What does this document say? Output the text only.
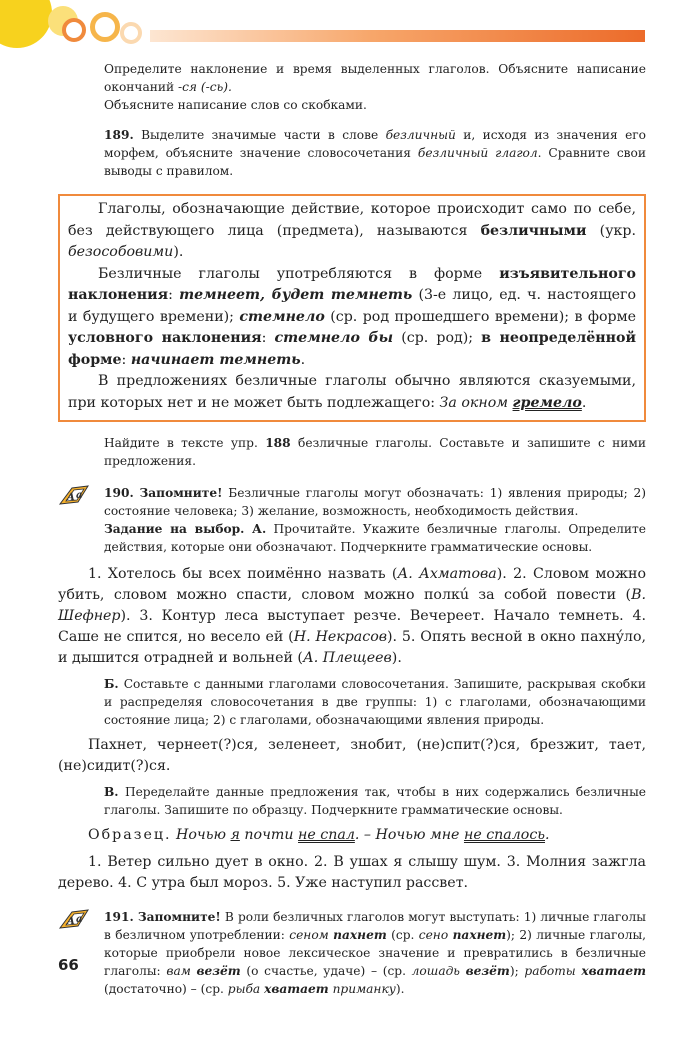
Определите наклонение и время выделенных глаголов. Объясните написание окончаний -ся (-сь).

Объясните написание слов со скобками.

189. Выделите значимые части в слове безличный и, исходя из значения его морфем, объясните значение словосочетания безличный глагол. Сравните свои выводы с правилом.

Глаголы, обозначающие действие, которое происходит само по себе, без действующего лица (предмета), называются безличными (укр. безособовими).

Безличные глаголы употребляются в форме изъявительного наклонения: темнеет, будет темнеть (3-е лицо, ед. ч. настоящего и будущего времени); стемнело (ср. род прошедшего времени); в форме условного наклонения: стемнело бы (ср. род); в неопределённой форме: начинает темнеть.

В предложениях безличные глаголы обычно являются сказуемыми, при которых нет и не может быть подлежащего: За окном гремело.

Найдите в тексте упр. 188 безличные глаголы. Составьте и запишите с ними предложения.

A a 190. Запомните! Безличные глаголы могут обозначать: 1) явления природы; 2) состояние человека; 3) желание, возможность, необходимость действия.

Задание на выбор. А. Прочитайте. Укажите безличные глаголы. Определите действия, которые они обозначают. Подчеркните грамматические основы.

1. Хотелось бы всех поимённо назвать (А. Ахматова). 2. Словом можно убить, словом можно спасти, словом можно полкú за собой повести (В. Шефнер). 3. Контур леса выступает резче. Вечереет. Начало темнеть. 4. Саше не спится, но весело ей (Н. Некрасов). 5. Опять весной в окно пахнýло, и дышится отрадней и вольней (А. Плещеев).

Б. Составьте с данными глаголами словосочетания. Запишите, раскрывая скобки и распределяя словосочетания в две группы: 1) с глаголами, обозначающими состояние лица; 2) с глаголами, обозначающими явления природы.

Пахнет, чернеет(?)ся, зеленеет, знобит, (не)спит(?)ся, брезжит, тает, (не)сидит(?)ся.

В. Переделайте данные предложения так, чтобы в них содержались безличные глаголы. Запишите по образцу. Подчеркните грамматические основы.

Образец. Ночью я почти не спал. – Ночью мне не спалось.

1. Ветер сильно дует в окно. 2. В ушах я слышу шум. 3. Молния зажгла дерево. 4. С утра был мороз. 5. Уже наступил рассвет.

A a 191. Запомните! В роли безличных глаголов могут выступать: 1) личные глаголы в безличном употреблении: сеном пахнет (ср. сено пахнет); 2) личные глаголы, которые приобрели новое лексическое значение и превратились в безличные глаголы: вам везёт (о счастье, удаче) – (ср. лошадь везёт); работы хватает (достаточно) – (ср. рыба хватает приманку).

66
